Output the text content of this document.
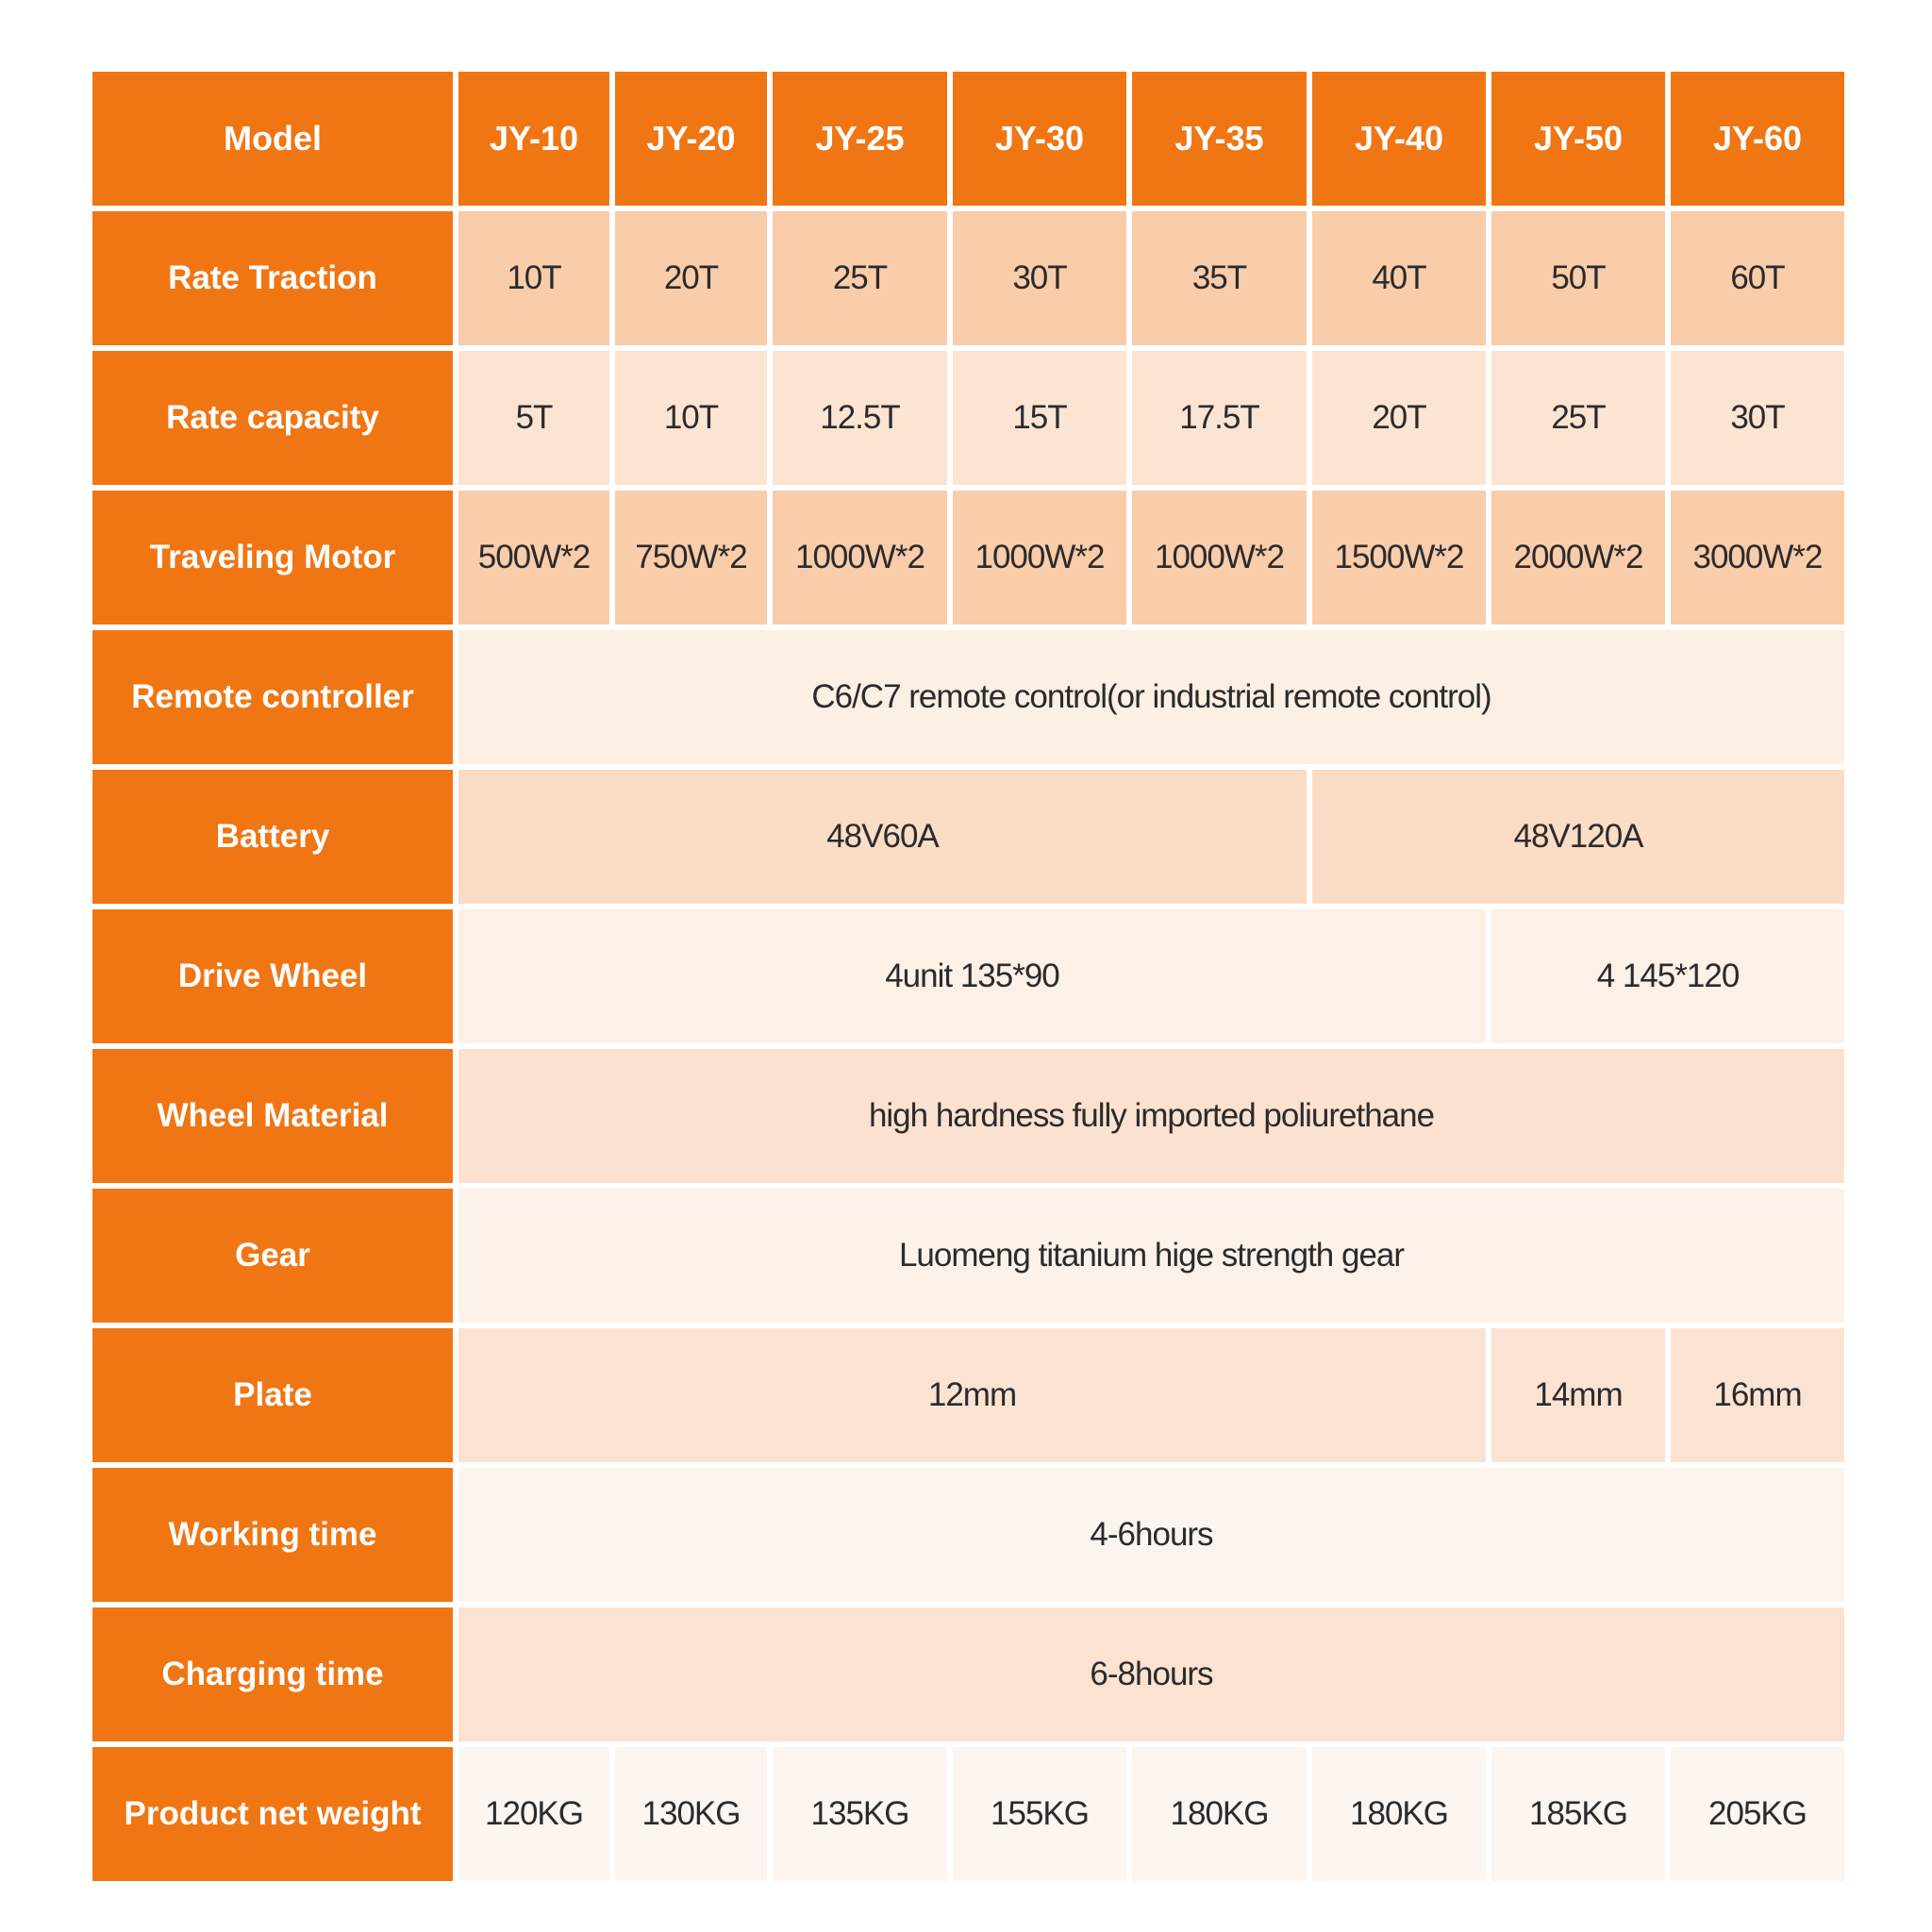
Model	JY-10	JY-20	JY-25	JY-30	JY-35	JY-40	JY-50	JY-60
Rate Traction	10T	20T	25T	30T	35T	40T	50T	60T
Rate capacity	5T	10T	12.5T	15T	17.5T	20T	25T	30T
Traveling Motor	500W*2	750W*2	1000W*2	1000W*2	1000W*2	1500W*2	2000W*2	3000W*2
Remote controller	C6/C7 remote control(or industrial remote control)							
Battery	48V60A					48V120A		
Drive Wheel	4unit 135*90						4 145*120	
Wheel Material	high hardness fully imported poliurethane							
Gear	Luomeng titanium hige strength gear							
Plate	12mm						14mm	16mm
Working time	4-6hours							
Charging time	6-8hours							
Product net weight	120KG	130KG	135KG	155KG	180KG	180KG	185KG	205KG
